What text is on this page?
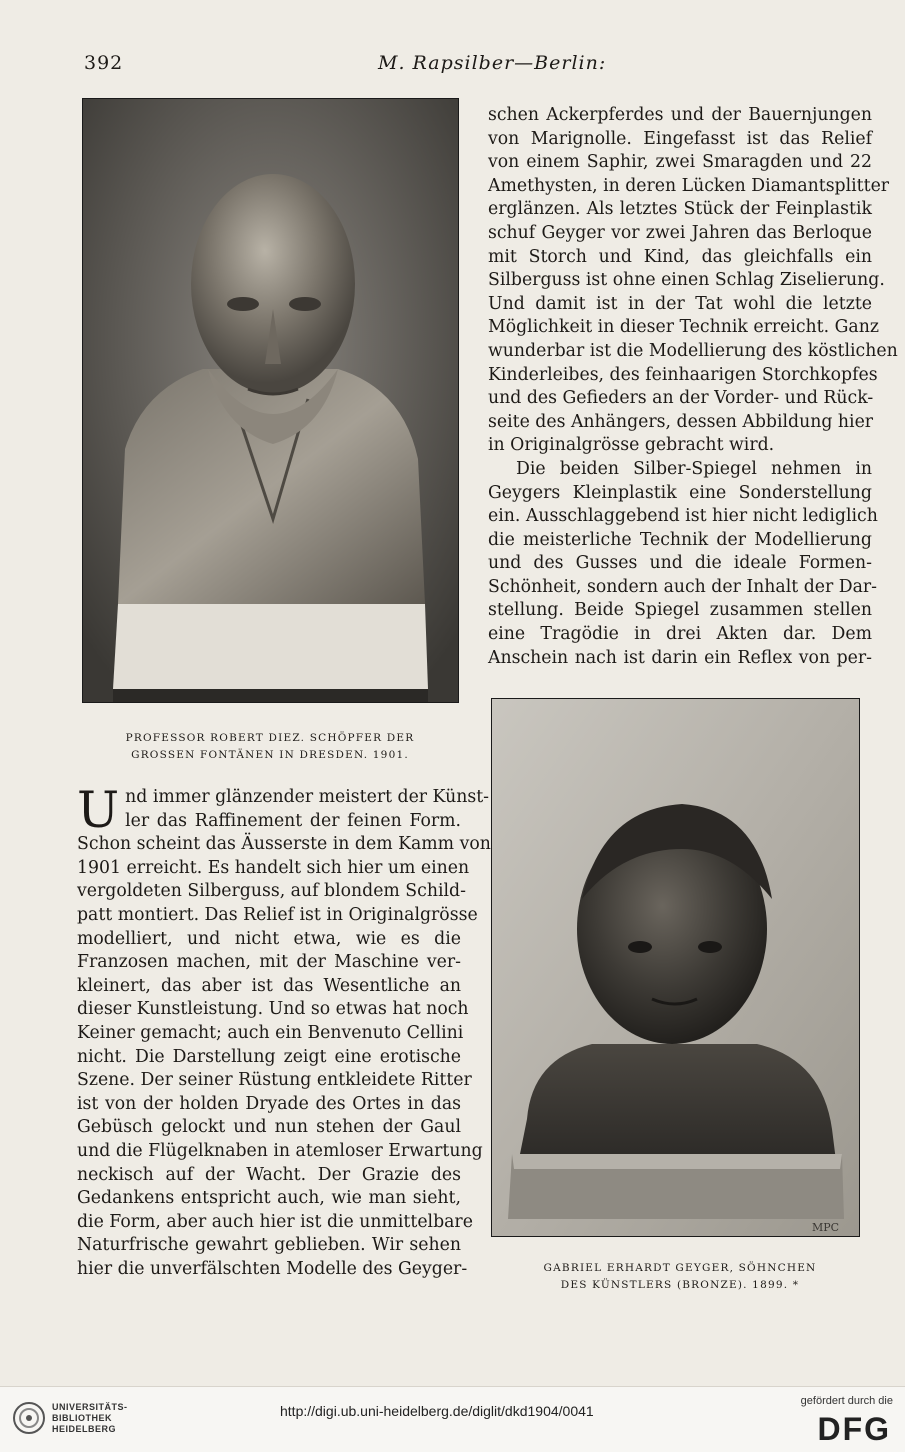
392	M. Rapsilber—Berlin:
PROFESSOR ROBERT DIEZ. SCHÖPFER DER
GROSSEN FONTÄNEN IN DRESDEN. 1901.
schen Ackerpferdes und der Bauernjungen
von Marignolle. Eingefasst ist das Relief
von einem Saphir, zwei Smaragden und 22
Amethysten, in deren Lücken Diamantsplitter
erglänzen. Als letztes Stück der Feinplastik
schuf Geyger vor zwei Jahren das Berloque
mit Storch und Kind, das gleichfalls ein
Silberguss ist ohne einen Schlag Ziselierung.
Und damit ist in der Tat wohl die letzte
Möglichkeit in dieser Technik erreicht. Ganz
wunderbar ist die Modellierung des köstlichen
Kinderleibes, des feinhaarigen Storchkopfes
und des Gefieders an der Vorder- und Rück-
seite des Anhängers, dessen Abbildung hier
in Originalgrösse gebracht wird.
Die beiden Silber-Spiegel nehmen in
Geygers Kleinplastik eine Sonderstellung
ein. Ausschlaggebend ist hier nicht lediglich
die meisterliche Technik der Modellierung
und des Gusses und die ideale Formen-
Schönheit, sondern auch der Inhalt der Dar-
stellung. Beide Spiegel zusammen stellen
eine Tragödie in drei Akten dar. Dem
Anschein nach ist darin ein Reflex von per-
MPC
GABRIEL ERHARDT GEYGER, SÖHNCHEN
DES KÜNSTLERS (BRONZE). 1899. *
U nd immer glänzender meistert der Künst-
ler das Raffinement der feinen Form.
Schon scheint das Äusserste in dem Kamm von
1901 erreicht. Es handelt sich hier um einen
vergoldeten Silberguss, auf blondem Schild-
patt montiert. Das Relief ist in Originalgrösse
modelliert, und nicht etwa, wie es die
Franzosen machen, mit der Maschine ver-
kleinert, das aber ist das Wesentliche an
dieser Kunstleistung. Und so etwas hat noch
Keiner gemacht; auch ein Benvenuto Cellini
nicht. Die Darstellung zeigt eine erotische
Szene. Der seiner Rüstung entkleidete Ritter
ist von der holden Dryade des Ortes in das
Gebüsch gelockt und nun stehen der Gaul
und die Flügelknaben in atemloser Erwartung
neckisch auf der Wacht. Der Grazie des
Gedankens entspricht auch, wie man sieht,
die Form, aber auch hier ist die unmittelbare
Naturfrische gewahrt geblieben. Wir sehen
hier die unverfälschten Modelle des Geyger-
UNIVERSITÄTS-
BIBLIOTHEK
HEIDELBERG
http://digi.ub.uni-heidelberg.de/diglit/dkd1904/0041
gefördert durch die
DFG
